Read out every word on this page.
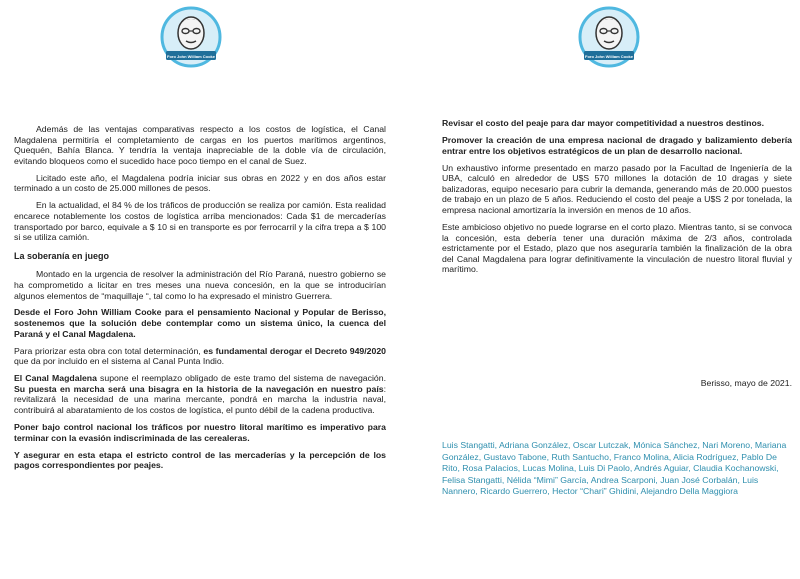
Foro John William Cooke

Además de las ventajas comparativas respecto a los costos de logística, el Canal Magdalena permitiría el completamiento de cargas en los puertos marítimos argentinos, Quequén, Bahía Blanca. Y tendría la ventaja inapreciable de la doble vía de circulación, evitando bloqueos como el sucedido hace poco tiempo en el canal de Suez.

Licitado este año, el Magdalena podría iniciar sus obras en 2022 y en dos años estar terminado a un costo de 25.000 millones de pesos.

En la actualidad, el 84 % de los tráficos de producción se realiza por camión. Esta realidad encarece notablemente los costos de logística arriba mencionados: Cada $1 de mercaderías transportado por barco, equivale a $ 10 si en transporte es por ferrocarril y la cifra trepa a $ 100 si se utiliza camión.

La soberanía en juego

Montado en la urgencia de resolver la administración del Río Paraná, nuestro gobierno se ha comprometido a licitar en tres meses una nueva concesión, en la que se introducirían algunos elementos de “maquillaje “, tal como lo ha expresado el ministro Guerrera.

Desde el Foro John William Cooke para el pensamiento Nacional y Popular de Berisso, sostenemos que la solución debe contemplar como un sistema único, la cuenca del Paraná y el Canal Magdalena.

Para priorizar esta obra con total determinación, es fundamental derogar el Decreto 949/2020 que da por incluido en el sistema al Canal Punta Indio.

El Canal Magdalena supone el reemplazo obligado de este tramo del sistema de navegación. Su puesta en marcha será una bisagra en la historia de la navegación en nuestro país: revitalizará la necesidad de una marina mercante, pondrá en marcha la industria naval, contribuirá al abaratamiento de los costos de logística, el punto débil de la cadena productiva.

Poner bajo control nacional los tráficos por nuestro litoral marítimo es imperativo para terminar con la evasión indiscriminada de las cerealeras.

Y asegurar en esta etapa el estricto control de las mercaderías y la percepción de los pagos correspondientes por peajes.

Foro John William Cooke

Revisar el costo del peaje para dar mayor competitividad a nuestros destinos.

Promover la creación de una empresa nacional de dragado y balizamiento debería entrar entre los objetivos estratégicos de un plan de desarrollo nacional.

Un exhaustivo informe presentado en marzo pasado por la Facultad de Ingeniería de la UBA, calculó en alrededor de U$S 570 millones la dotación de 10 dragas y siete balizadoras, equipo necesario para cubrir la demanda, generando más de 20.000 puestos de trabajo en un plazo de 5 años. Reduciendo el costo del peaje a U$S 2 por tonelada, la empresa nacional amortizaría la inversión en menos de 10 años.

Este ambicioso objetivo no puede lograrse en el corto plazo. Mientras tanto, si se convoca la concesión, esta debería tener una duración máxima de 2/3 años, controlada estrictamente por el Estado, plazo que nos aseguraría también la finalización de la obra del Canal Magdalena para lograr definitivamente la vinculación de nuestro litoral fluvial y marítimo.

Berisso, mayo de 2021.
Luis Stangatti, Adriana González, Oscar Lutczak, Mónica Sánchez, Nari Moreno, Mariana González, Gustavo Tabone, Ruth Santucho, Franco Molina, Alicia Rodríguez, Pablo De Rito, Rosa Palacios, Lucas Molina, Luis Di Paolo, Andrés Aguiar, Claudia Kochanowski, Felisa Stangatti, Nélida “Mimi” García, Andrea Scarponi, Juan José Corbalán, Luis Nannero, Ricardo Guerrero, Hector “Chari” Ghidini, Alejandro Della Maggiora
